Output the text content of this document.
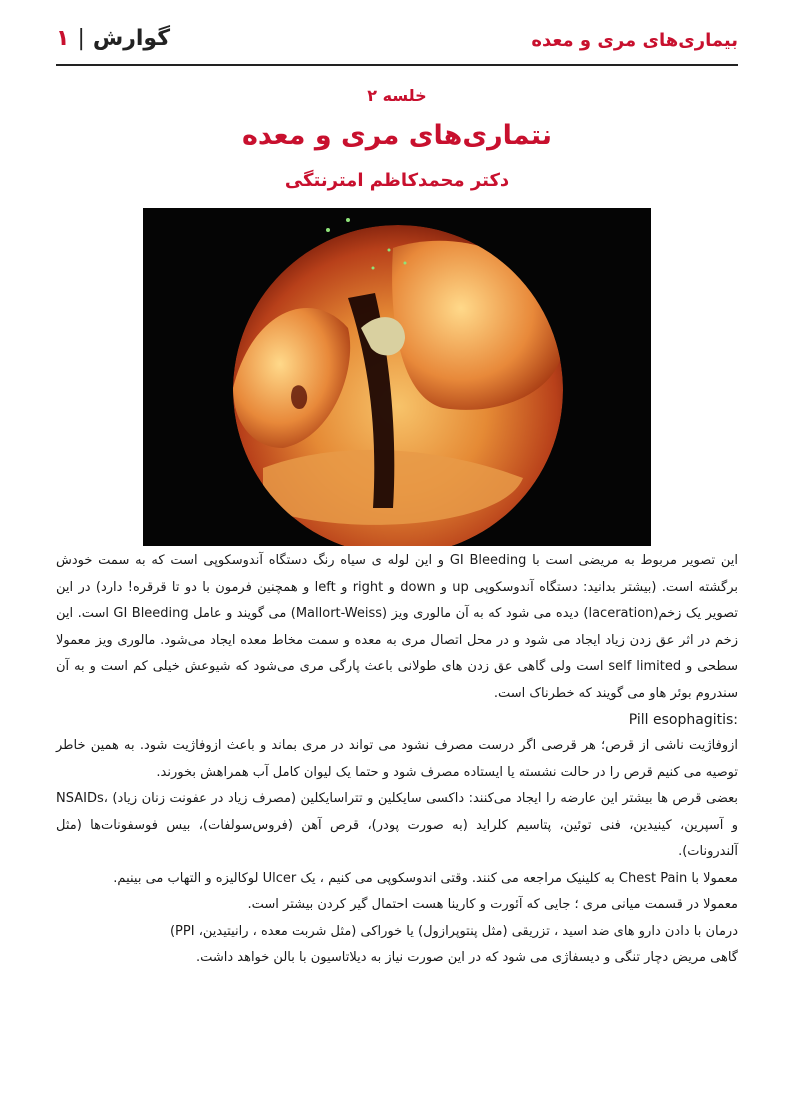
بیماری‌های مری و معده
۱ | گوارش
خلسه ۲
نتماری‌های مری و معده
دکتر محمدکاظم امترنتگی

این تصویر مربوط به مریضی است با GI Bleeding و این لوله ی سیاه رنگ دستگاه آندوسکوپی است که به سمت خودش برگشته است. (بیشتر بدانید: دستگاه آندوسکوپی up و down و right و left و همچنین فرمون با دو تا قرقره! دارد) در این تصویر یک زخم(laceration) دیده می شود که به آن مالوری ویز (Mallort-Weiss) می گویند و عامل GI Bleeding است. این زخم در اثر عق زدن زیاد ایجاد می شود و در محل اتصال مری به معده و سمت مخاط معده ایجاد می‌شود. مالوری ویز معمولا سطحی و self limited است ولی گاهی عق زدن های طولانی باعث پارگی مری می‌شود که شیوعش خیلی کم است و به آن سندروم بوئر هاو می گویند که خطرناک است.

:Pill esophagitis

ازوفاژیت ناشی از قرص؛ هر قرصی اگر درست مصرف نشود می تواند در مری بماند و باعث ازوفاژیت شود. به همین خاطر توصیه می کنیم قرص را در حالت نشسته یا ایستاده مصرف شود و حتما یک لیوان کامل آب همراهش بخورند.

بعضی قرص ها بیشتر این عارضه را ایجاد می‌کنند: داکسی سایکلین و تتراسایکلین (مصرف زیاد در عفونت زنان زیاد) ،NSAIDs و آسپرین، کینیدین، فنی توئین، پتاسیم کلراید (به صورت پودر)، قرص آهن (فروس‌سولفات)، بیس فوسفونات‌ها (مثل آلندرونات).

معمولا با Chest Pain به کلینیک مراجعه می کنند. وقتی اندوسکوپی می کنیم ، یک Ulcer لوکالیزه و التهاب می بینیم.

معمولا در قسمت میانی مری ؛ جایی که آئورت و کارینا هست احتمال گیر کردن بیشتر است.

درمان با دادن دارو های ضد اسید ، تزریقی (مثل پنتوپرازول) یا خوراکی (مثل شربت معده ، رانیتیدین، PPI)

گاهی مریض دچار تنگی و دیسفاژی می شود که در این صورت نیاز به دیلاتاسیون با بالن خواهد داشت.
